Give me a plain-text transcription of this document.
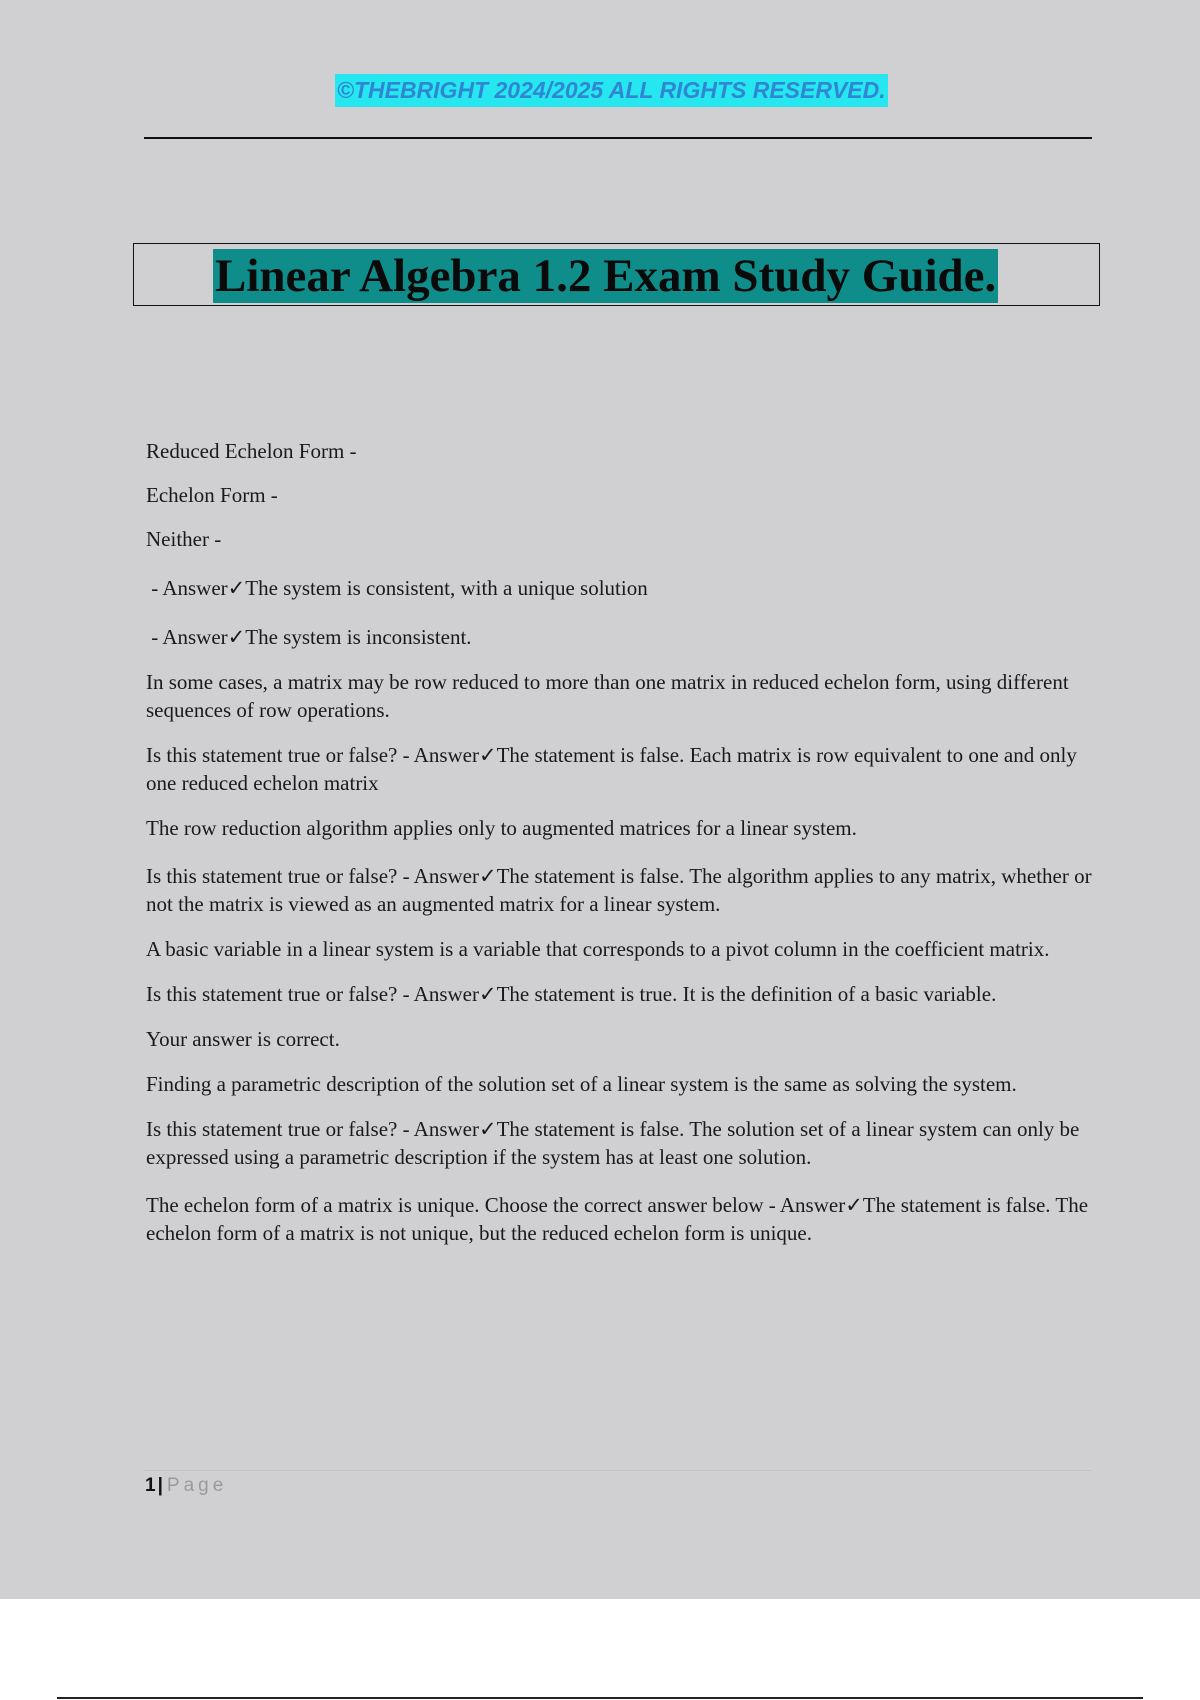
©THEBRIGHT 2024/2025 ALL RIGHTS RESERVED.
Linear Algebra 1.2 Exam Study Guide.

Reduced Echelon Form -

Echelon Form -

Neither -

- Answer✓The system is consistent, with a unique solution

- Answer✓The system is inconsistent.

In some cases, a matrix may be row reduced to more than one matrix in reduced echelon form, using different sequences of row operations.

Is this statement true or false? - Answer✓The statement is false. Each matrix is row equivalent to one and only one reduced echelon matrix

The row reduction algorithm applies only to augmented matrices for a linear system.

Is this statement true or false? - Answer✓The statement is false. The algorithm applies to any matrix, whether or not the matrix is viewed as an augmented matrix for a linear system.

A basic variable in a linear system is a variable that corresponds to a pivot column in the coefficient matrix.

Is this statement true or false? - Answer✓The statement is true. It is the definition of a basic variable.

Your answer is correct.

Finding a parametric description of the solution set of a linear system is the same as solving the system.

Is this statement true or false? - Answer✓The statement is false. The solution set of a linear system can only be expressed using a parametric description if the system has at least one solution.

The echelon form of a matrix is unique. Choose the correct answer below - Answer✓The statement is false. The echelon form of a matrix is not unique, but the reduced echelon form is unique.

1 | Page
